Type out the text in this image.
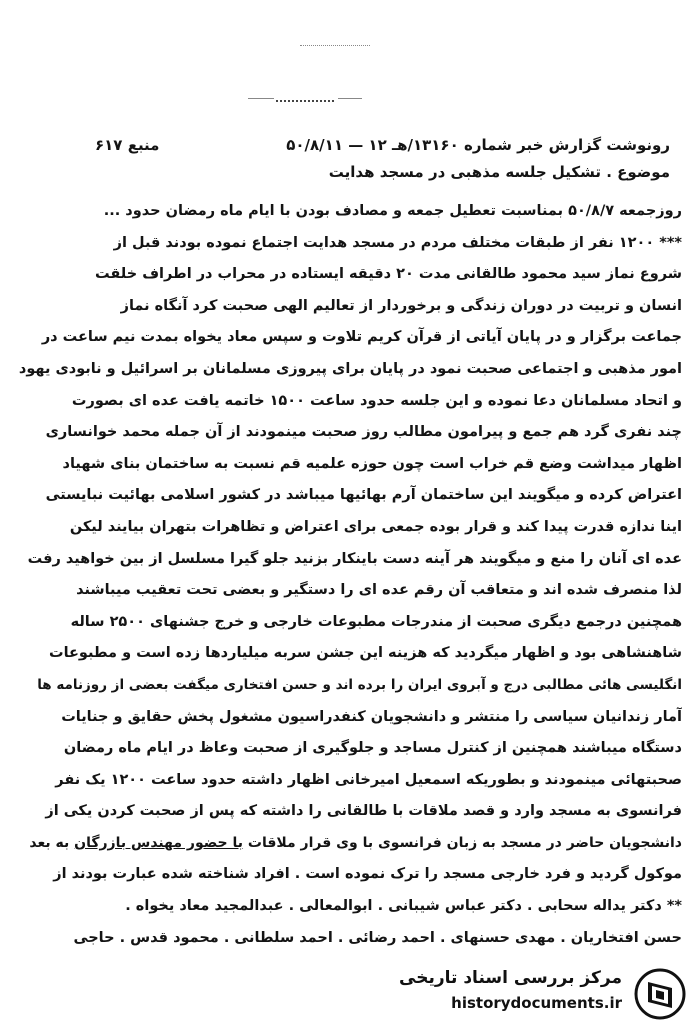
رونوشت گزارش خبر شماره ۱۳۱۶۰/هـ ۱۲ — ۵۰/۸/۱۱
منبع ۶۱۷
موضوع . تشکیل جلسه مذهبی در مسجد هدایت
روزجمعه ۵۰/۸/۷ بمناسبت تعطیل جمعه و مصادف بودن با ایام ماه رمضان حدود ...
*** ۱۲۰۰ نفر از طبقات مختلف مردم در مسجد هدایت اجتماع نموده بودند قبل از
شروع نماز سید محمود طالقانی مدت ۲۰ دقیقه ایستاده در محراب در اطراف خلقت
انسان و تربیت در دوران زندگی و برخوردار از تعالیم الهی صحبت کرد آنگاه نماز
جماعت برگزار و در پایان آیاتی از قرآن کریم تلاوت و سپس معاد یخواه بمدت نیم ساعت در
امور مذهبی و اجتماعی صحبت نمود در پایان برای پیروزی مسلمانان بر اسرائیل و نابودی یهود
و اتحاد مسلمانان دعا نموده و این جلسه حدود ساعت ۱۵۰۰ خاتمه یافت عده ای بصورت
چند نفری گرد هم جمع و پیرامون مطالب روز صحبت مینمودند از آن جمله محمد خوانساری
اظهار میداشت وضع قم خراب است چون حوزه علمیه قم نسبت به ساختمان بنای شهیاد
اعتراض کرده و میگویند این ساختمان آرم بهائیها میباشد در کشور اسلامی بهائیت نبایستی
اینا ندازه قدرت پیدا کند و قرار بوده جمعی برای اعتراض و تظاهرات بتهران بیایند لیکن
عده ای آنان را منع و میگویند هر آینه دست باینکار بزنید جلو گیرا مسلسل از بین خواهید رفت
لذا منصرف شده اند و متعاقب آن رقم عده ای را دستگیر و بعضی تحت تعقیب میباشند
همچنین درجمع دیگری صحبت از مندرجات مطبوعات خارجی و خرج جشنهای ۲۵۰۰ ساله
شاهنشاهی بود و اظهار میگردید که هزینه این جشن سربه میلیاردها زده است و مطبوعات
انگلیسی هائی مطالبی درج و آبروی ایران را برده اند و حسن افتخاری میگفت بعضی از روزنامه ها
آمار زندانیان سیاسی را منتشر و دانشجویان کنفدراسیون مشغول پخش حقایق و جنایات
دستگاه میباشند همچنین از کنترل مساجد و جلوگیری از صحبت وعاظ در ایام ماه رمضان
صحبتهائی مینمودند و بطوریکه اسمعیل امیرخانی اظهار داشته حدود ساعت ۱۲۰۰ یک نفر
فرانسوی به مسجد وارد و قصد ملاقات با طالقانی را داشته که پس از صحبت کردن یکی از
دانشجویان حاضر در مسجد به زبان فرانسوی با وی قرار ملاقات با حضور مهندس بازرگان به بعد
موکول گردید و فرد خارجی مسجد را ترک نموده است . افراد شناخته شده عبارت بودند از
** دکتر یداله سحابی . دکتر عباس شیبانی . ابوالمعالی . عبدالمجید معاد یخواه .
حسن افتخاریان . مهدی حسنهای . احمد رضائی . احمد سلطانی . محمود قدس . حاجی
مرکز بررسی اسناد تاریخی
historydocuments.ir
